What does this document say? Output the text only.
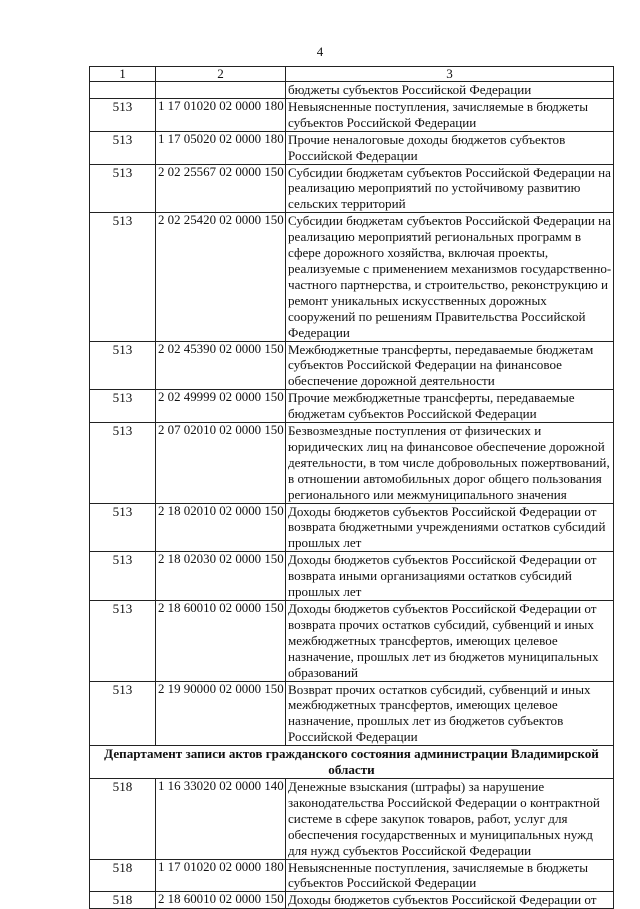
4
1	2	3
		бюджеты субъектов Российской Федерации
513	1 17 01020 02 0000 180	Невыясненные поступления, зачисляемые в бюджеты субъектов Российской Федерации
513	1 17 05020 02 0000 180	Прочие неналоговые доходы бюджетов субъектов Российской Федерации
513	2 02 25567 02 0000 150	Субсидии бюджетам субъектов Российской Федерации на реализацию мероприятий по устойчивому развитию сельских территорий
513	2 02 25420 02 0000 150	Субсидии бюджетам субъектов Российской Федерации на реализацию мероприятий региональных программ в сфере дорожного хозяйства, включая проекты, реализуемые с применением механизмов государственно-частного партнерства, и строительство, реконструкцию и ремонт уникальных искусственных дорожных сооружений по решениям Правительства Российской Федерации
513	2 02 45390 02 0000 150	Межбюджетные трансферты, передаваемые бюджетам субъектов Российской Федерации на финансовое обеспечение дорожной деятельности
513	2 02 49999 02 0000 150	Прочие межбюджетные трансферты, передаваемые бюджетам субъектов Российской Федерации
513	2 07 02010 02 0000 150	Безвозмездные поступления от физических и юридических лиц на финансовое обеспечение дорожной деятельности, в том числе добровольных пожертвований, в отношении автомобильных дорог общего пользования регионального или межмуниципального значения
513	2 18 02010 02 0000 150	Доходы бюджетов субъектов Российской Федерации от возврата бюджетными учреждениями остатков субсидий прошлых лет
513	2 18 02030 02 0000 150	Доходы бюджетов субъектов Российской Федерации от возврата иными организациями остатков субсидий прошлых лет
513	2 18 60010 02 0000 150	Доходы бюджетов субъектов Российской Федерации от возврата прочих остатков субсидий, субвенций и иных межбюджетных трансфертов, имеющих целевое назначение, прошлых лет из бюджетов муниципальных образований
513	2 19 90000 02 0000 150	Возврат прочих остатков субсидий, субвенций и иных межбюджетных трансфертов, имеющих целевое назначение, прошлых лет из бюджетов субъектов Российской Федерации
Департамент записи актов гражданского состояния администрации Владимирской области		
518	1 16 33020 02 0000 140	Денежные взыскания (штрафы) за нарушение законодательства Российской Федерации о контрактной системе в сфере закупок товаров, работ, услуг для обеспечения государственных и муниципальных нужд для нужд субъектов Российской Федерации
518	1 17 01020 02 0000 180	Невыясненные поступления, зачисляемые в бюджеты субъектов Российской Федерации
518	2 18 60010 02 0000 150	Доходы бюджетов субъектов Российской Федерации от
